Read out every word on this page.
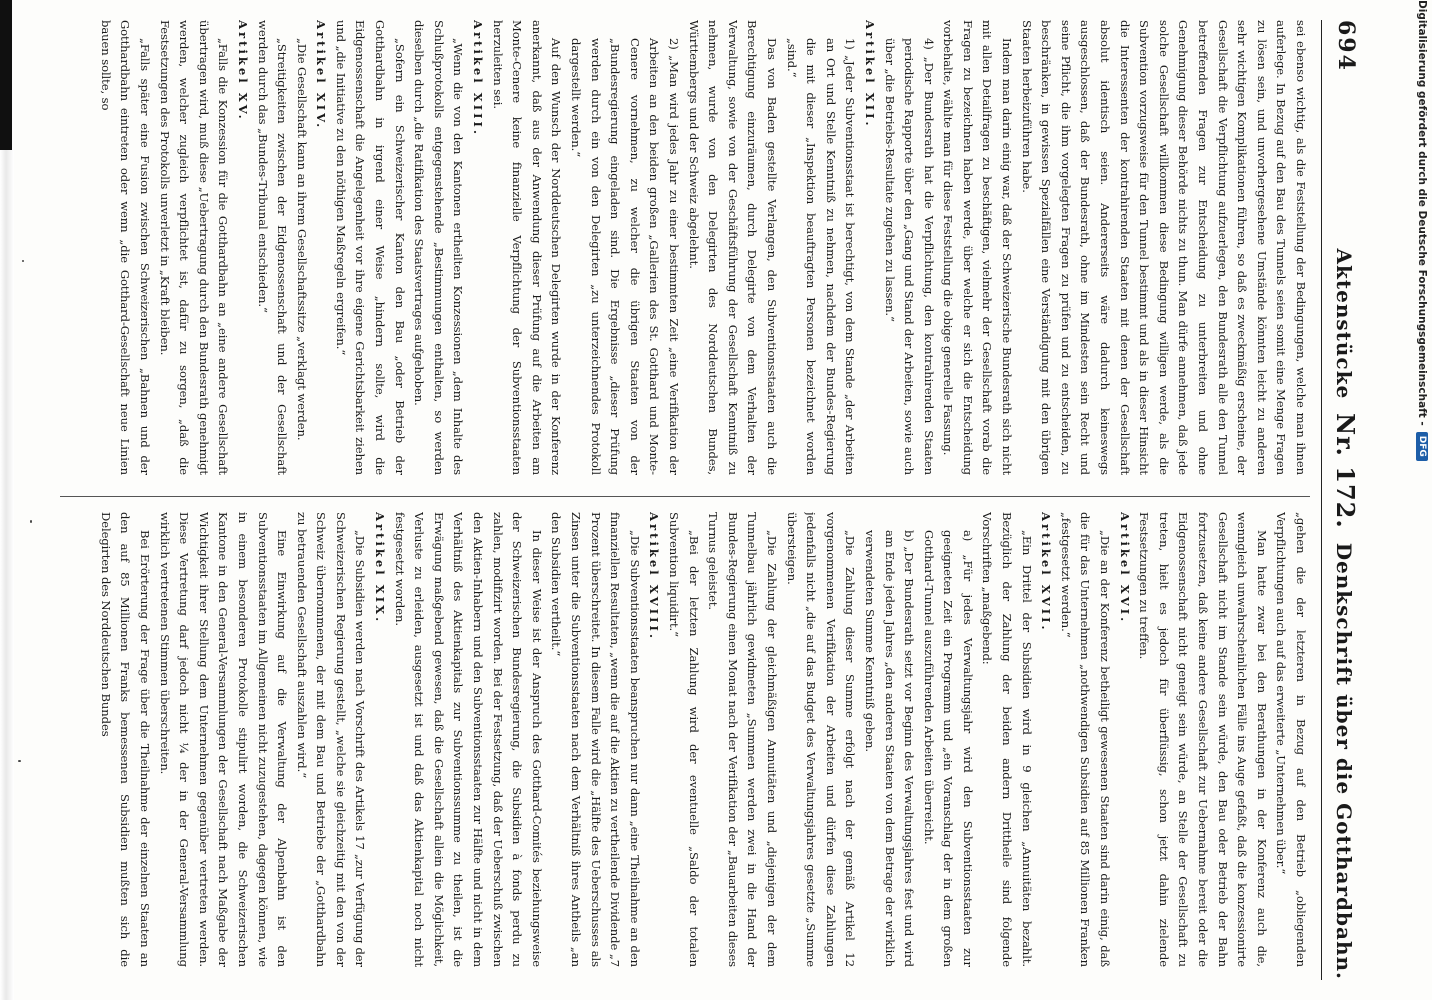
694
Aktenstücke Nr. 172. Denkschrift über die Gotthardbahn.

sei ebenso wichtig, als die Feststellung der Bedingungen, welche man ihnen auferlege. In Bezug auf den Bau des Tunnels seien somit eine Menge Fragen zu lösen sein, und unvorhergesehene Umstände könnten leicht zu anderen sehr wichtigen Komplikationen führen, so daß es zweckmäßig erscheine, der Gesellschaft die Verpflichtung aufzuerlegen, den Bundesrath alle den Tunnel betreffenden Fragen zur Entscheidung zu unterbreiten und ohne Genehmigung dieser Behörde nichts zu thun. Man dürfe annehmen, daß jede solche Gesellschaft willkommen diese Bedingung willigen werde, als die Subvention vorzugsweise für den Tunnel bestimmt und als in dieser Hinsicht die Interessenten der kontrahirenden Staaten mit denen der Gesellschaft absolut identisch seien. Andererseits wäre dadurch keineswegs ausgeschlossen, daß der Bundesrath, ohne im Mindesten sein Recht und seine Pflicht, die ihm vorgelegten Fragen zu prüfen und zu entscheiden, zu beschränken, in gewissen Spezialfällen eine Verständigung mit den übrigen Staaten herbeizuführen habe.

Indem man darin einig war, daß der Schweizerische Bundesrath sich nicht mit allen Detailfragen zu beschäftigen, vielmehr der Gesellschaft vorab die Fragen zu bezeichnen haben werde, über welche er sich die Entscheidung vorbehalte, wählte man für diese Feststellung die obige generelle Fassung.

4) „Der Bundesrath hat die Verpflichtung, den kontrahirenden Staaten periodische Rapporte über den „Gang und Stand der Arbeiten, sowie auch über „die Betriebs-Resultate zugehen zu lassen.“

Artikel XII.

1) „Jeder Subventionsstaat ist berechtigt, von dem Stande „der Arbeiten an Ort und Stelle Kenntniß zu nehmen, nachdem der Bundes-Regierung die mit dieser „Inspektion beauftragten Personen bezeichnet worden „sind.“

Das von Baden gestellte Verlangen, den Subventionsstaaten auch die Berechtigung einzuräumen, durch Delegirte von dem Verhalten der Verwaltung, sowie von der Geschäftsführung der Gesellschaft Kenntniß zu nehmen, wurde von den Delegirten des Norddeutschen Bundes, Württembergs und der Schweiz abgelehnt.

2) „Man wird jedes Jahr zu einer bestimmten Zeit „eine Verifikation der Arbeiten an den beiden großen „Gallerien des St. Gotthard und Monte-Cenere vornehmen, zu welcher die übrigen Staaten von der „Bundesregierung eingeladen sind. Die Ergebnisse „dieser Prüfung werden durch ein von den Delegirten „zu unterzeichnendes Protokoll dargestellt werden.“

Auf den Wunsch der Norddeutschen Delegirten wurde in der Konferenz anerkannt, daß aus der Anwendung dieser Prüfung auf die Arbeiten am Monte-Cenere keine finanzielle Verpflichtung der Subventionsstaaten herzuleiten sei.

Artikel XIII.

„Wenn die von den Kantonen ertheilten Konzessionen „dem Inhalte des Schlußprotokolls entgegenstehende „Bestimmungen enthalten, so werden dieselben durch „die Ratifikation des Staatsvertrages aufgehoben.

„Sofern ein Schweizerischer Kanton den Bau „oder Betrieb der Gotthardbahn in irgend einer Weise „hindern sollte, wird die Eidgenossenschaft die Angelegenheit vor ihre eigene Gerichtsbarkeit ziehen und „die Initiative zu den nöthigen Maßregeln ergreifen.“

Artikel XIV.

„Die Gesellschaft kann an ihrem Gesellschaftssitze „verklagt werden.

„Streitigkeiten zwischen der Eidgenossenschaft und der Gesellschaft werden durch das „Bundes-Tribunal entschieden.“

Artikel XV.

„Falls die Konzession für die Gotthardbahn an „eine andere Gesellschaft übertragen wird, muß diese „Uebertragung durch den Bundesrath genehmigt werden, welcher zugleich verpflichtet ist, dafür zu sorgen, „daß die Festsetzungen des Protokolls unverletzt in „Kraft bleiben.

„Falls später eine Fusion zwischen Schweizerischen „Bahnen und der Gotthardbahn eintreten oder wenn „die Gotthard-Gesellschaft neue Linien bauen sollte, so

„gehen die der letzteren in Bezug auf den Betrieb „obliegenden Verpflichtungen auch auf das erweiterte „Unternehmen über.“

Man hatte zwar bei den Berathungen in der Konferenz auch die, wenngleich unwahrscheinlichen Fälle ins Auge gefaßt, daß die konzessionirte Gesellschaft nicht im Stande sein würde, den Bau oder Betrieb der Bahn fortzusetzen, daß keine andere Gesellschaft zur Uebernahme bereit oder die Eidgenossenschaft nicht geneigt sein würde, an Stelle der Gesellschaft zu treten, hielt es jedoch für überflüssig, schon jetzt dahin zielende Festsetzungen zu treffen.

Artikel XVI.

„Die an der Konferenz betheiligt gewesenen Staaten sind darin einig, daß die für das Unternehmen „nothwendigen Subsidien auf 85 Millionen Franken „festgesetzt werden.“

Artikel XVII.

„Ein Drittel der Subsidien wird in 9 gleichen „Annuitäten bezahlt. Bezüglich der Zahlung der beiden andern Drittheile sind folgende Vorschriften „maßgebend:

a) „Für jedes Verwaltungsjahr wird den Subventionsstaaten zur geeigneten Zeit ein Programm und „ein Voranschlag der in dem großen Gotthard-Tunnel auszuführenden Arbeiten überreicht.

b) „Der Bundesrath setzt vor Beginn des Verwaltungsjahres fest und wird am Ende jeden Jahres „den anderen Staaten von dem Betrage der wirklich verwendeten Summe Kenntniß geben.

„Die Zahlung dieser Summe erfolgt nach der gemäß Artikel 12 vorgenommenen Verifikation der Arbeiten und dürfen diese Zahlungen jedenfalls nicht „die auf das Budget des Verwaltungsjahres gesetzte „Summe übersteigen.

„Die Zahlung der gleichmäßigen Annuitäten und „diejenigen der dem Tunnelbau jährlich gewidmeten „Summen werden zwei in die Hand der Bundes-Regierung einen Monat nach der Verifikation der „Bauarbeiten dieses Turnus geleistet.

„Bei der letzten Zahlung wird der eventuelle „Saldo der totalen Subvention liquidirt.“

Artikel XVIII.

„Die Subventionsstaaten beanspruchen nur dann „eine Theilnahme an den finanziellen Resultaten, „wenn die auf die Aktien zu vertheilende Dividende „7 Prozent überschreitet. In diesem Falle wird die „Hälfte des Ueberschusses als Zinsen unter die Subventionsstaaten nach dem Verhältniß ihres Antheils „an den Subsidien vertheilt.“

In dieser Weise ist der Anspruch des Gotthard-Comités beziehungsweise der Schweizerischen Bundesregierung, die Subsidien à fonds perdu zu zahlen, modifizirt worden. Bei der Festsetzung, daß der Ueberschuß zwischen den Aktien-Inhabern und den Subventionsstaaten zur Hälfte und nicht in dem Verhältniß des Aktienkapitals zur Subventionssumme zu theilen, ist die Erwägung maßgebend gewesen, daß die Gesellschaft allein die Möglichkeit, Verluste zu erleiden, ausgesetzt ist und daß das Aktienkapital noch nicht festgesetzt worden.

Artikel XIX.

„Die Subsidien werden nach Vorschrift des Artikels 17 „zur Verfügung der Schweizerischen Regierung gestellt, „welche sie gleichzeitig mit den von der Schweiz übernommenen, der mit dem Bau und Betriebe der „Gotthardbahn zu betrauenden Gesellschaft auszahlen wird.“

Eine Einwirkung auf die Verwaltung der Alpenbahn ist den Subventionsstaaten im Allgemeinen nicht zuzugestehen, dagegen können, wie in einem besonderen Protokolle stipulirt worden, die Schweizerischen Kantone in den General-Versammlungen der Gesellschaft nach Maßgabe der Wichtigkeit ihrer Stellung dem Unternehmen gegenüber vertreten werden. Diese Vertretung darf jedoch nicht ¼ der in der General-Versammlung wirklich vertretenen Stimmen überschreiten.

Bei Erörterung der Frage über die Theilnahme der einzelnen Staaten an den auf 85 Millionen Franks bemessenen Subsidien mußten sich die Delegirten des Norddeutschen Bundes

Digitalisierung gefördert durch die Deutsche Forschungsgemeinschaft -
DFG
